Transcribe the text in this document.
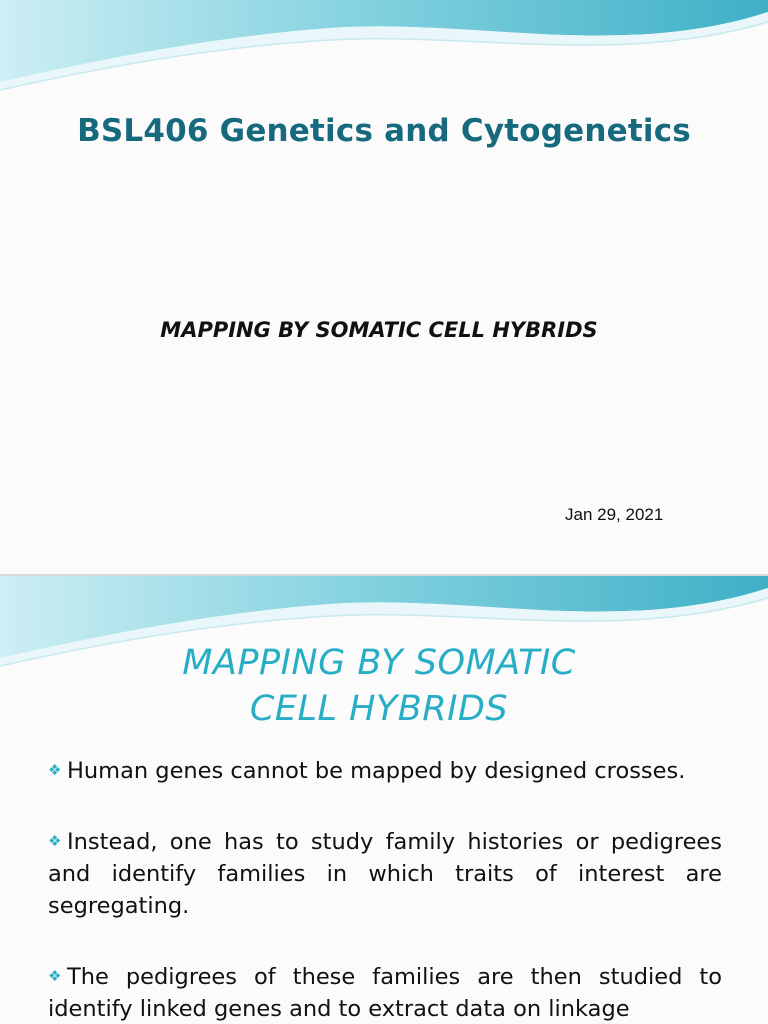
BSL406 Genetics and Cytogenetics
MAPPING BY SOMATIC CELL HYBRIDS
Jan 29, 2021
MAPPING BY SOMATIC
CELL HYBRIDS
❖ Human genes cannot be mapped by designed crosses.
❖ Instead, one has to study family histories or pedigrees and identify families in which traits of interest are segregating.
❖ The pedigrees of these families are then studied to identify linked genes and to extract data on linkage
